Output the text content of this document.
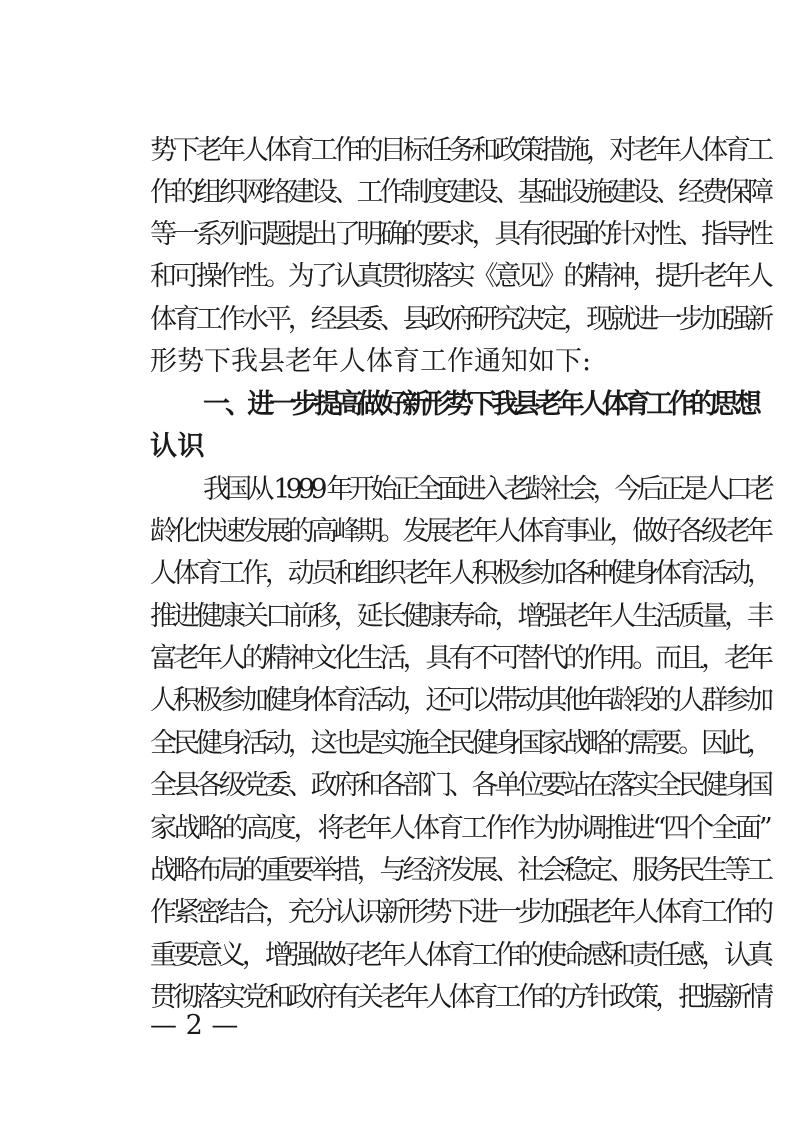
势下老年人体育工作的目标任务和政策措施，对老年人体育工
作的组织网络建设、工作制度建设、基础设施建设、经费保障
等一系列问题提出了明确的要求，具有很强的针对性、指导性
和可操作性。为了认真贯彻落实《意见》的精神，提升老年人
体育工作水平，经县委、县政府研究决定，现就进一步加强新
形势下我县老年人体育工作通知如下:
一、进一步提高做好新形势下我县老年人体育工作的思想
认识
我国从 1999 年开始正全面进入老龄社会，今后正是人口老
龄化快速发展的高峰期。发展老年人体育事业，做好各级老年
人体育工作，动员和组织老年人积极参加各种健身体育活动，
推进健康关口前移，延长健康寿命，增强老年人生活质量，丰
富老年人的精神文化生活，具有不可替代的作用。而且，老年
人积极参加健身体育活动，还可以带动其他年龄段的人群参加
全民健身活动，这也是实施全民健身国家战略的需要。因此，
全县各级党委、政府和各部门、各单位要站在落实全民健身国
家战略的高度，将老年人体育工作作为协调推进“四个全面”
战略布局的重要举措，与经济发展、社会稳定、服务民生等工
作紧密结合，充分认识新形势下进一步加强老年人体育工作的
重要意义，增强做好老年人体育工作的使命感和责任感，认真
贯彻落实党和政府有关老年人体育工作的方针政策，把握新情
— 2 —
